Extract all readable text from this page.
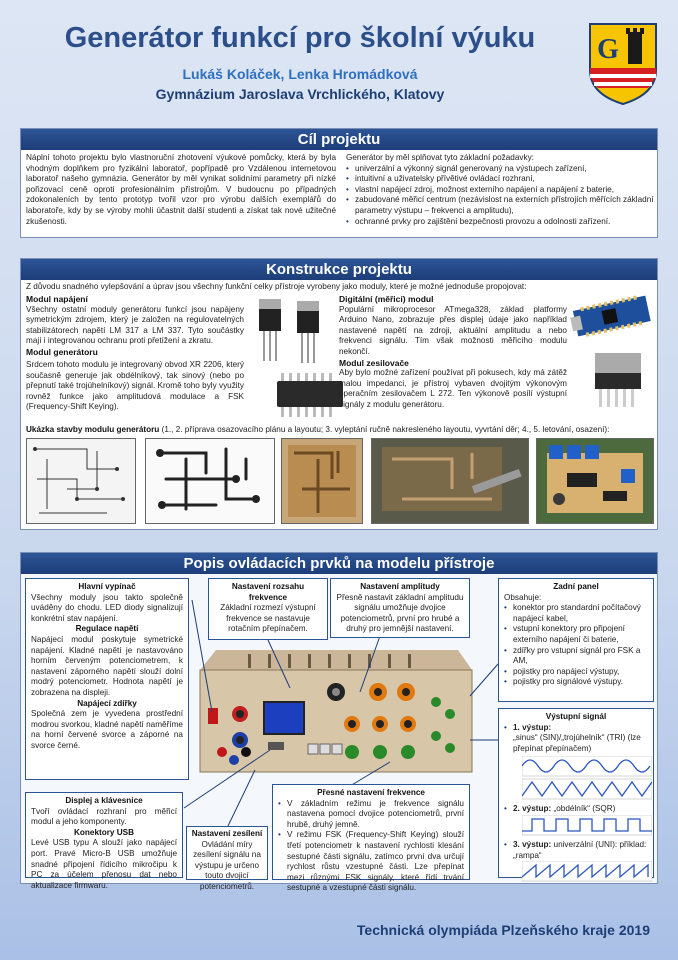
Generátor funkcí pro školní výuku
Lukáš Koláček, Lenka Hromádková
Gymnázium Jaroslava Vrchlického, Klatovy
G
Cíl projektu
Náplní tohoto projektu bylo vlastnoruční zhotovení výukové pomůcky, která by byla vhodným doplňkem pro fyzikální laboratoř, popřípadě pro Vzdálenou internetovou laboratoř našeho gymnázia. Generátor by měl vynikat solidními parametry při nízké pořizovací ceně oproti profesionálním přístrojům. V budoucnu po případných zdokonaleních by tento prototyp tvořil vzor pro výrobu dalších exemplářů do laboratoře, kdy by se výroby mohli účastnit další studenti a získat tak nové užitečné zkušenosti.
Generátor by měl splňovat tyto základní požadavky:
• univerzální a výkonný signál generovaný na výstupech zařízení,
• intuitivní a uživatelsky přívětivé ovládací rozhraní,
• vlastní napájecí zdroj, možnost externího napájení a napájení z baterie,
• zabudované měřicí centrum (nezávislost na externích přístrojích měřících základní parametry výstupu – frekvenci a amplitudu),
• ochranné prvky pro zajištění bezpečnosti provozu a odolnosti zařízení.
Konstrukce projektu
Z důvodu snadného vylepšování a úprav jsou všechny funkční celky přístroje vyrobeny jako moduly, které je možné jednoduše propojovat:
Modul napájení
Všechny ostatní moduly generátoru funkcí jsou napájeny symetrickým zdrojem, který je založen na regulovatelných stabilizátorech napětí LM 317 a LM 337. Tyto součástky mají i integrovanou ochranu proti přetížení a zkratu.
Modul generátoru
Srdcem tohoto modulu je integrovaný obvod XR 2206, který současně generuje jak obdélníkový, tak sinový (nebo po přepnutí také trojúhelníkový) signál. Kromě toho byly využity rovněž funkce jako amplitudová modulace a FSK (Frequency-Shift Keying).
Digitální (měřicí) modul
Populární mikroprocesor ATmega328, základ platformy Arduino Nano, zobrazuje přes displej údaje jako například nastavené napětí na zdroji, aktuální amplitudu a nebo frekvenci signálu. Tím však možnosti měřicího modulu nekončí.
Modul zesilovače
Aby bylo možné zařízení používat při pokusech, kdy má zátěž malou impedanci, je přístroj vybaven dvojitým výkonovým operačním zesilovačem L 272. Ten výkonově posílí výstupní signály z modulu generátoru.
Ukázka stavby modulu generátoru (1., 2. příprava osazovacího plánu a layoutu; 3. vyleptání ručně nakresleného layoutu, vyvrtání děr; 4., 5. letování, osazení):
Popis ovládacích prvků na modelu přístroje
Hlavní vypínač
Všechny moduly jsou takto společně uváděny do chodu. LED diody signalizují konkrétní stav napájení.
Regulace napětí
Napájecí modul poskytuje symetrické napájení. Kladné napětí je nastavováno horním červeným potenciometrem, k nastavení záporného napětí slouží dolní modrý potenciometr. Hodnota napětí je zobrazena na displeji.
Napájecí zdířky
Společná zem je vyvedena prostřední modrou svorkou, kladné napětí naměříme na horní červené svorce a záporné na svorce černé.
Nastavení rozsahu frekvence
Základní rozmezí výstupní frekvence se nastavuje rotačním přepínačem.
Nastavení amplitudy
Přesně nastavit základní amplitudu signálu umožňuje dvojice potenciometrů, první pro hrubé a druhý pro jemnější nastavení.
Zadní panel
Obsahuje:
• konektor pro standardní počítačový napájecí kabel,
• vstupní konektory pro připojení externího napájení či baterie,
• zdířky pro vstupní signál pro FSK a AM,
• pojistky pro napájecí výstupy,
• pojistky pro signálové výstupy.
Výstupní signál
• 1. výstup:
„sinus“ (SIN)/„trojúhelník“ (TRI) (lze přepínat přepínačem)
• 2. výstup: „obdélník“ (SQR)
• 3. výstup: univerzální (UNI): příklad: „rampa“
Displej a klávesnice
Tvoří ovládací rozhraní pro měřicí modul a jeho komponenty.
Konektory USB
Levé USB typu A slouží jako napájecí port. Pravé Micro-B USB umožňuje snadné připojení řídicího mikročipu k PC za účelem přenosu dat nebo aktualizace firmwaru.
Nastavení zesílení
Ovládání míry zesílení signálu na výstupu je určeno touto dvojicí potenciometrů.
Přesné nastavení frekvence
• V základním režimu je frekvence signálu nastavena pomocí dvojice potenciometrů, první hrubě, druhý jemně.
• V režimu FSK (Frequency-Shift Keying) slouží třetí potenciometr k nastavení rychlosti klesání sestupné části signálu, zatímco první dva určují rychlost růstu vzestupné části. Lze přepínat mezi různými FSK signály, které řídí trvání sestupné a vzestupné části signálu.
Technická olympiáda Plzeňského kraje 2019
